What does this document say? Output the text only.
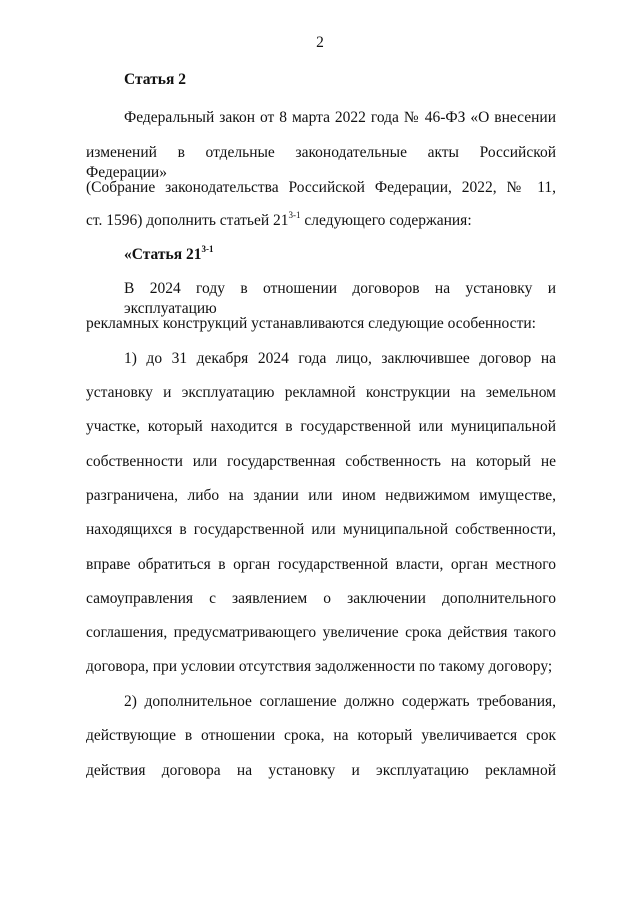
2
Статья 2
Федеральный закон от 8 марта 2022 года № 46-ФЗ «О внесении
изменений в отдельные законодательные акты Российской Федерации»
(Собрание законодательства Российской Федерации, 2022, № 11,
ст. 1596) дополнить статьей 21$^{3-1}$ следующего содержания:
«Статья 21$^{3-1}$
В 2024 году в отношении договоров на установку и эксплуатацию
рекламных конструкций устанавливаются следующие особенности:
1) до 31 декабря 2024 года лицо, заключившее договор на
установку и эксплуатацию рекламной конструкции на земельном
участке, который находится в государственной или муниципальной
собственности или государственная собственность на который не
разграничена, либо на здании или ином недвижимом имуществе,
находящихся в государственной или муниципальной собственности,
вправе обратиться в орган государственной власти, орган местного
самоуправления с заявлением о заключении дополнительного
соглашения, предусматривающего увеличение срока действия такого
договора, при условии отсутствия задолженности по такому договору;
2) дополнительное соглашение должно содержать требования,
действующие в отношении срока, на который увеличивается срок
действия договора на установку и эксплуатацию рекламной
